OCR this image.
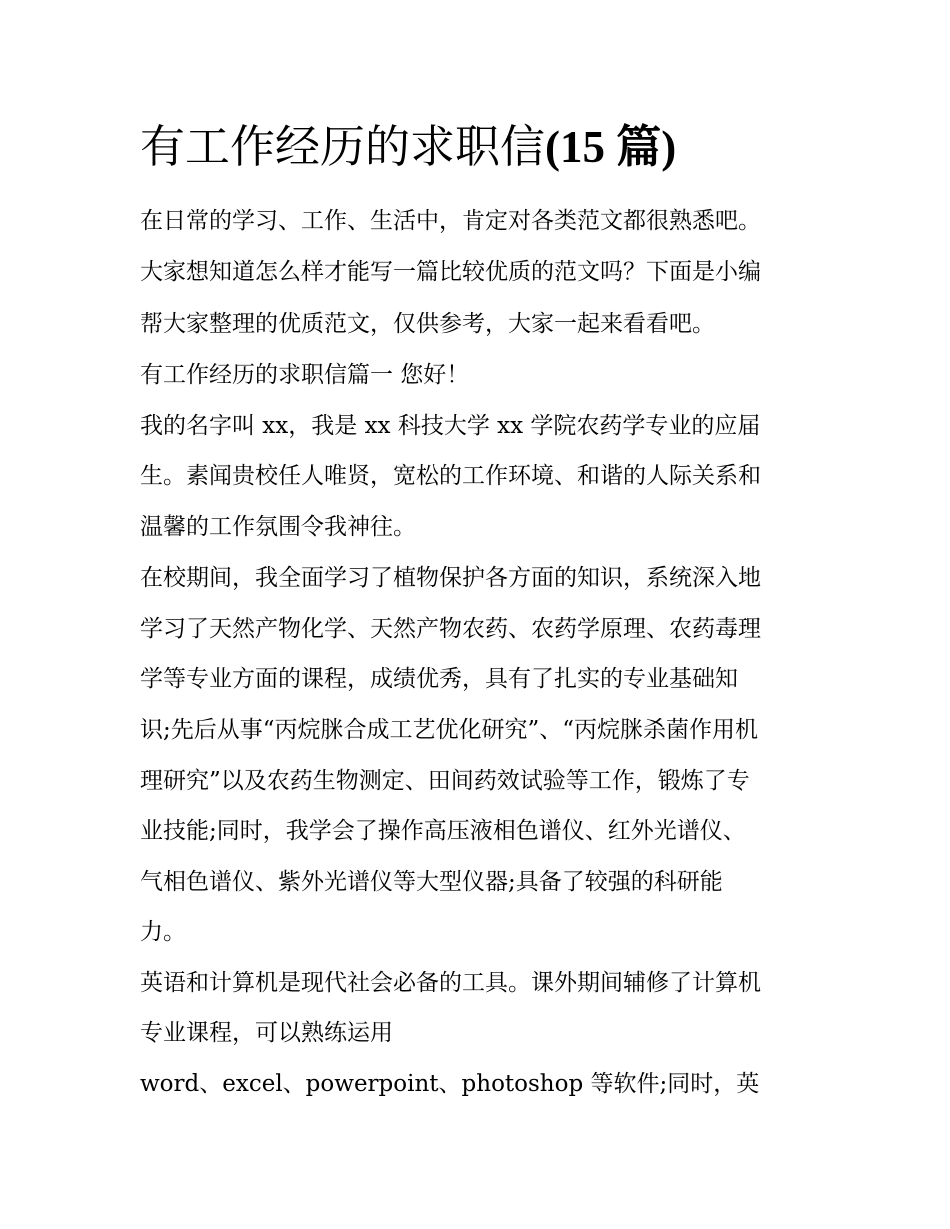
有工作经历的求职信(15 篇)

在日常的学习、工作、生活中，肯定对各类范文都很熟悉吧。

大家想知道怎么样才能写一篇比较优质的范文吗？下面是小编

帮大家整理的优质范文，仅供参考，大家一起来看看吧。

有工作经历的求职信篇一 您好！

我的名字叫 xx，我是 xx 科技大学 xx 学院农药学专业的应届

生。素闻贵校任人唯贤，宽松的工作环境、和谐的人际关系和

温馨的工作氛围令我神往。

在校期间，我全面学习了植物保护各方面的知识，系统深入地

学习了天然产物化学、天然产物农药、农药学原理、农药毒理

学等专业方面的课程，成绩优秀，具有了扎实的专业基础知

识;先后从事“丙烷脒合成工艺优化研究”、“丙烷脒杀菌作用机

理研究”以及农药生物测定、田间药效试验等工作，锻炼了专

业技能;同时，我学会了操作高压液相色谱仪、红外光谱仪、

气相色谱仪、紫外光谱仪等大型仪器;具备了较强的科研能

力。

英语和计算机是现代社会必备的工具。课外期间辅修了计算机

专业课程，可以熟练运用

word、excel、powerpoint、photoshop 等软件;同时，英
